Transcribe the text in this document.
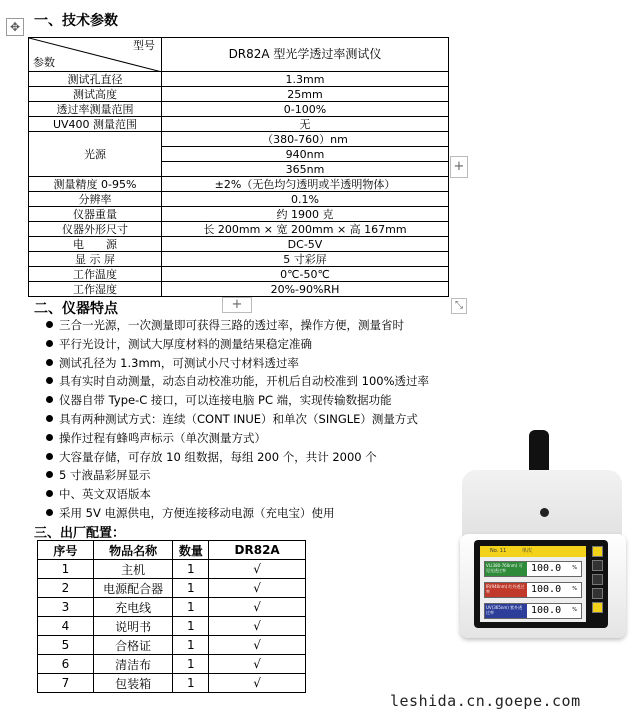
✥ 一、技术参数
型号
参数	DR82A 型光学透过率测试仪
测试孔直径	1.3mm
测试高度	25mm
透过率测量范围	0-100%
UV400 测量范围	无
光源	（380-760）nm
	940nm
	365nm
测量精度 0-95%	±2%（无色均匀透明或半透明物体）
分辨率	0.1%
仪器重量	约 1900 克
仪器外形尺寸	长 200mm × 宽 200mm × 高 167mm
电　　源	DC-5V
显 示 屏	5 寸彩屏
工作温度	0℃-50℃
工作湿度	20%-90%RH
+
+	⤡
二、仪器特点
三合一光源，一次测量即可获得三路的透过率，操作方便，测量省时
平行光设计，测试大厚度材料的测量结果稳定准确
测试孔径为 1.3mm，可测试小尺寸材料透过率
具有实时自动测量，动态自动校准功能，开机后自动校准到 100%透过率
仪器自带 Type-C 接口，可以连接电脑 PC 端，实现传输数据功能
具有两种测试方式：连续（CONT INUE）和单次（SINGLE）测量方式
操作过程有蜂鸣声标示（单次测量方式）
大容量存储，可存放 10 组数据，每组 200 个，共计 2000 个
5 寸液晶彩屏显示
中、英文双语版本
采用 5V 电源供电，方便连接移动电源（充电宝）使用
三、出厂配置：
序号	物品名称	数量	DR82A
1	主机	1	√
2	电源配合器	1	√
3	充电线	1	√
4	说明书	1	√
5	合格证	1	√
6	清洁布	1	√
7	包装箱	1	√
No. 11	单次
VL(380-760nm) 可见光透过率	100.0 %
IR(940nm) 红外透过率	100.0 %
UV(365nm) 紫外透过率	100.0 %
leshida.cn.goepe.com
